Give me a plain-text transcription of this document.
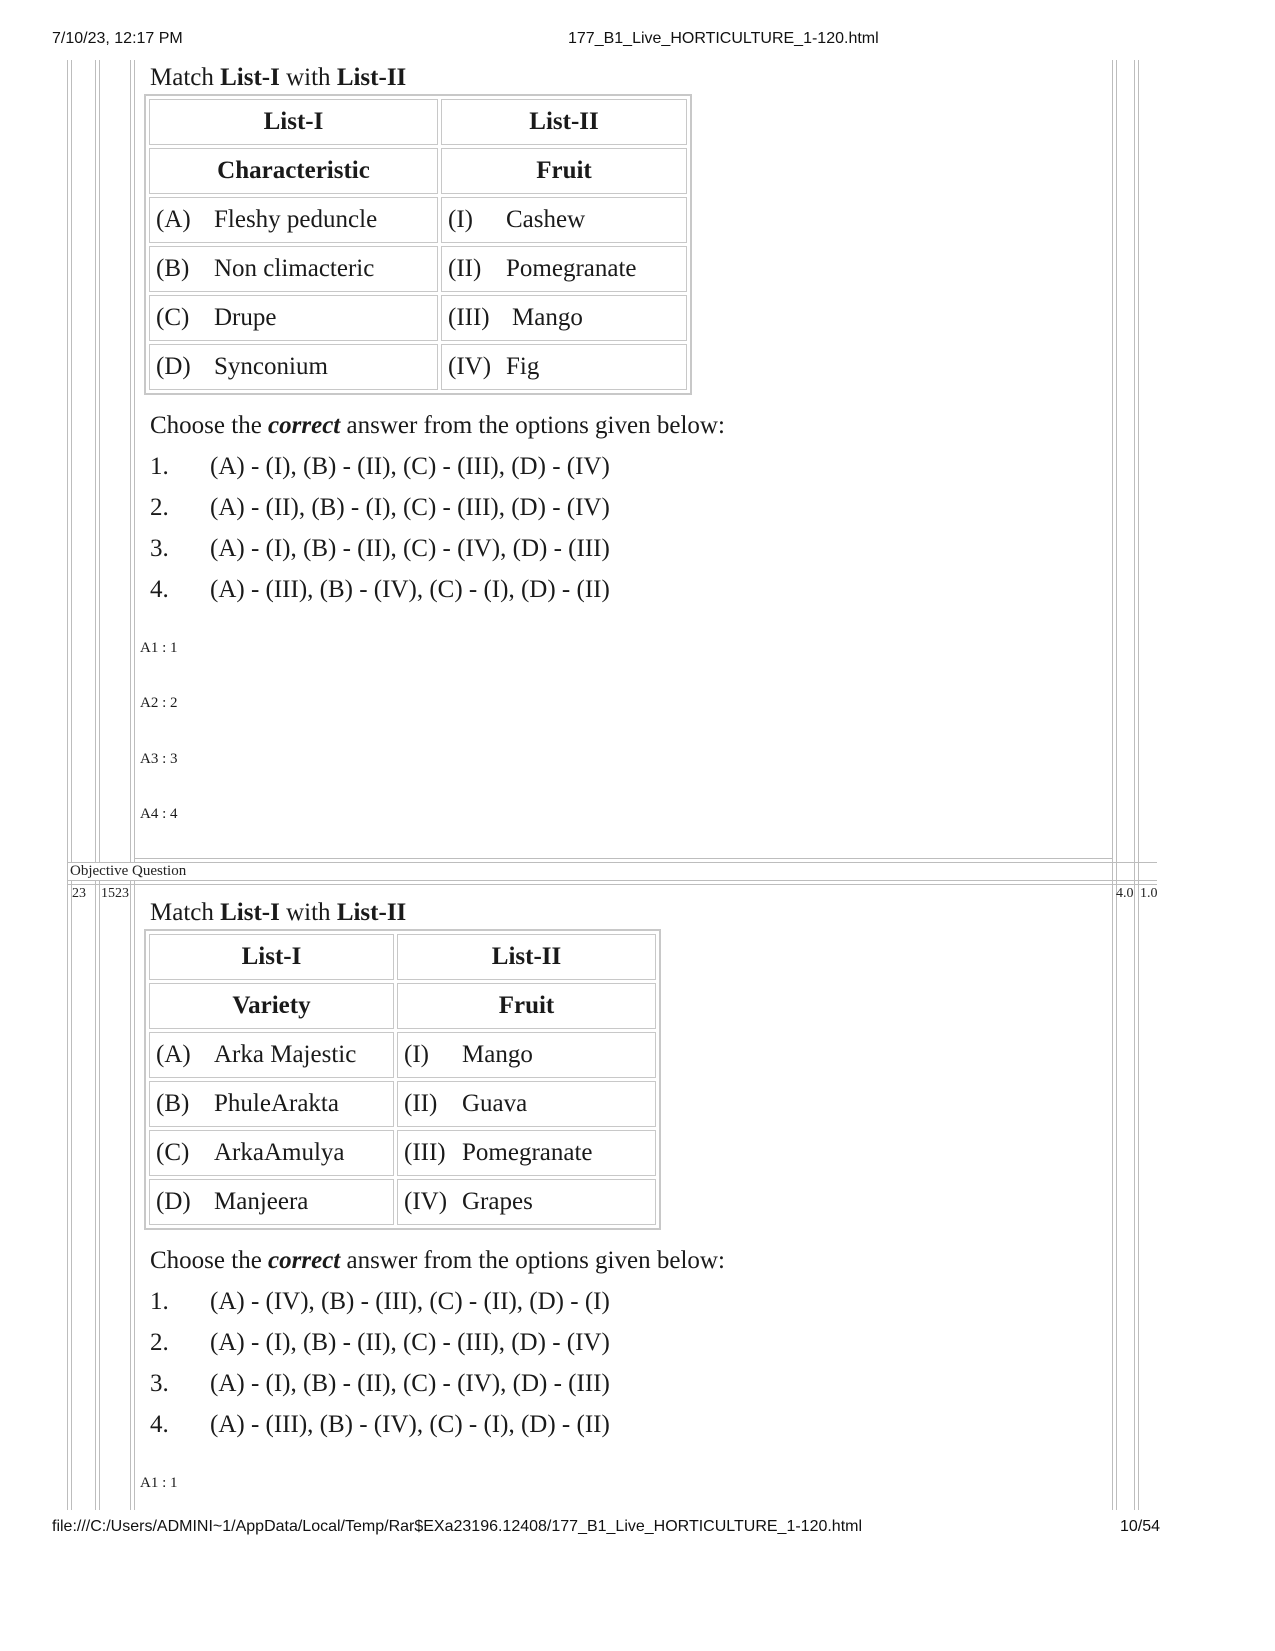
7/10/23, 12:17 PM	177_B1_Live_HORTICULTURE_1-120.html
Match List-I with List-II
List-I	List-II
Characteristic	Fruit
(A) Fleshy peduncle	(I) Cashew
(B) Non climacteric	(II) Pomegranate
(C) Drupe	(III) Mango
(D) Synconium	(IV) Fig
Choose the correct answer from the options given below:
1. (A) - (I), (B) - (II), (C) - (III), (D) - (IV)
2. (A) - (II), (B) - (I), (C) - (III), (D) - (IV)
3. (A) - (I), (B) - (II), (C) - (IV), (D) - (III)
4. (A) - (III), (B) - (IV), (C) - (I), (D) - (II)
A1 : 1
A2 : 2
A3 : 3
A4 : 4
Objective Question
23 1523	4.0 1.0
Match List-I with List-II
List-I	List-II
Variety	Fruit
(A) Arka Majestic	(I) Mango
(B) PhuleArakta	(II) Guava
(C) ArkaAmulya	(III) Pomegranate
(D) Manjeera	(IV) Grapes
Choose the correct answer from the options given below:
1. (A) - (IV), (B) - (III), (C) - (II), (D) - (I)
2. (A) - (I), (B) - (II), (C) - (III), (D) - (IV)
3. (A) - (I), (B) - (II), (C) - (IV), (D) - (III)
4. (A) - (III), (B) - (IV), (C) - (I), (D) - (II)
A1 : 1
file:///C:/Users/ADMINI~1/AppData/Local/Temp/Rar$EXa23196.12408/177_B1_Live_HORTICULTURE_1-120.html	10/54
